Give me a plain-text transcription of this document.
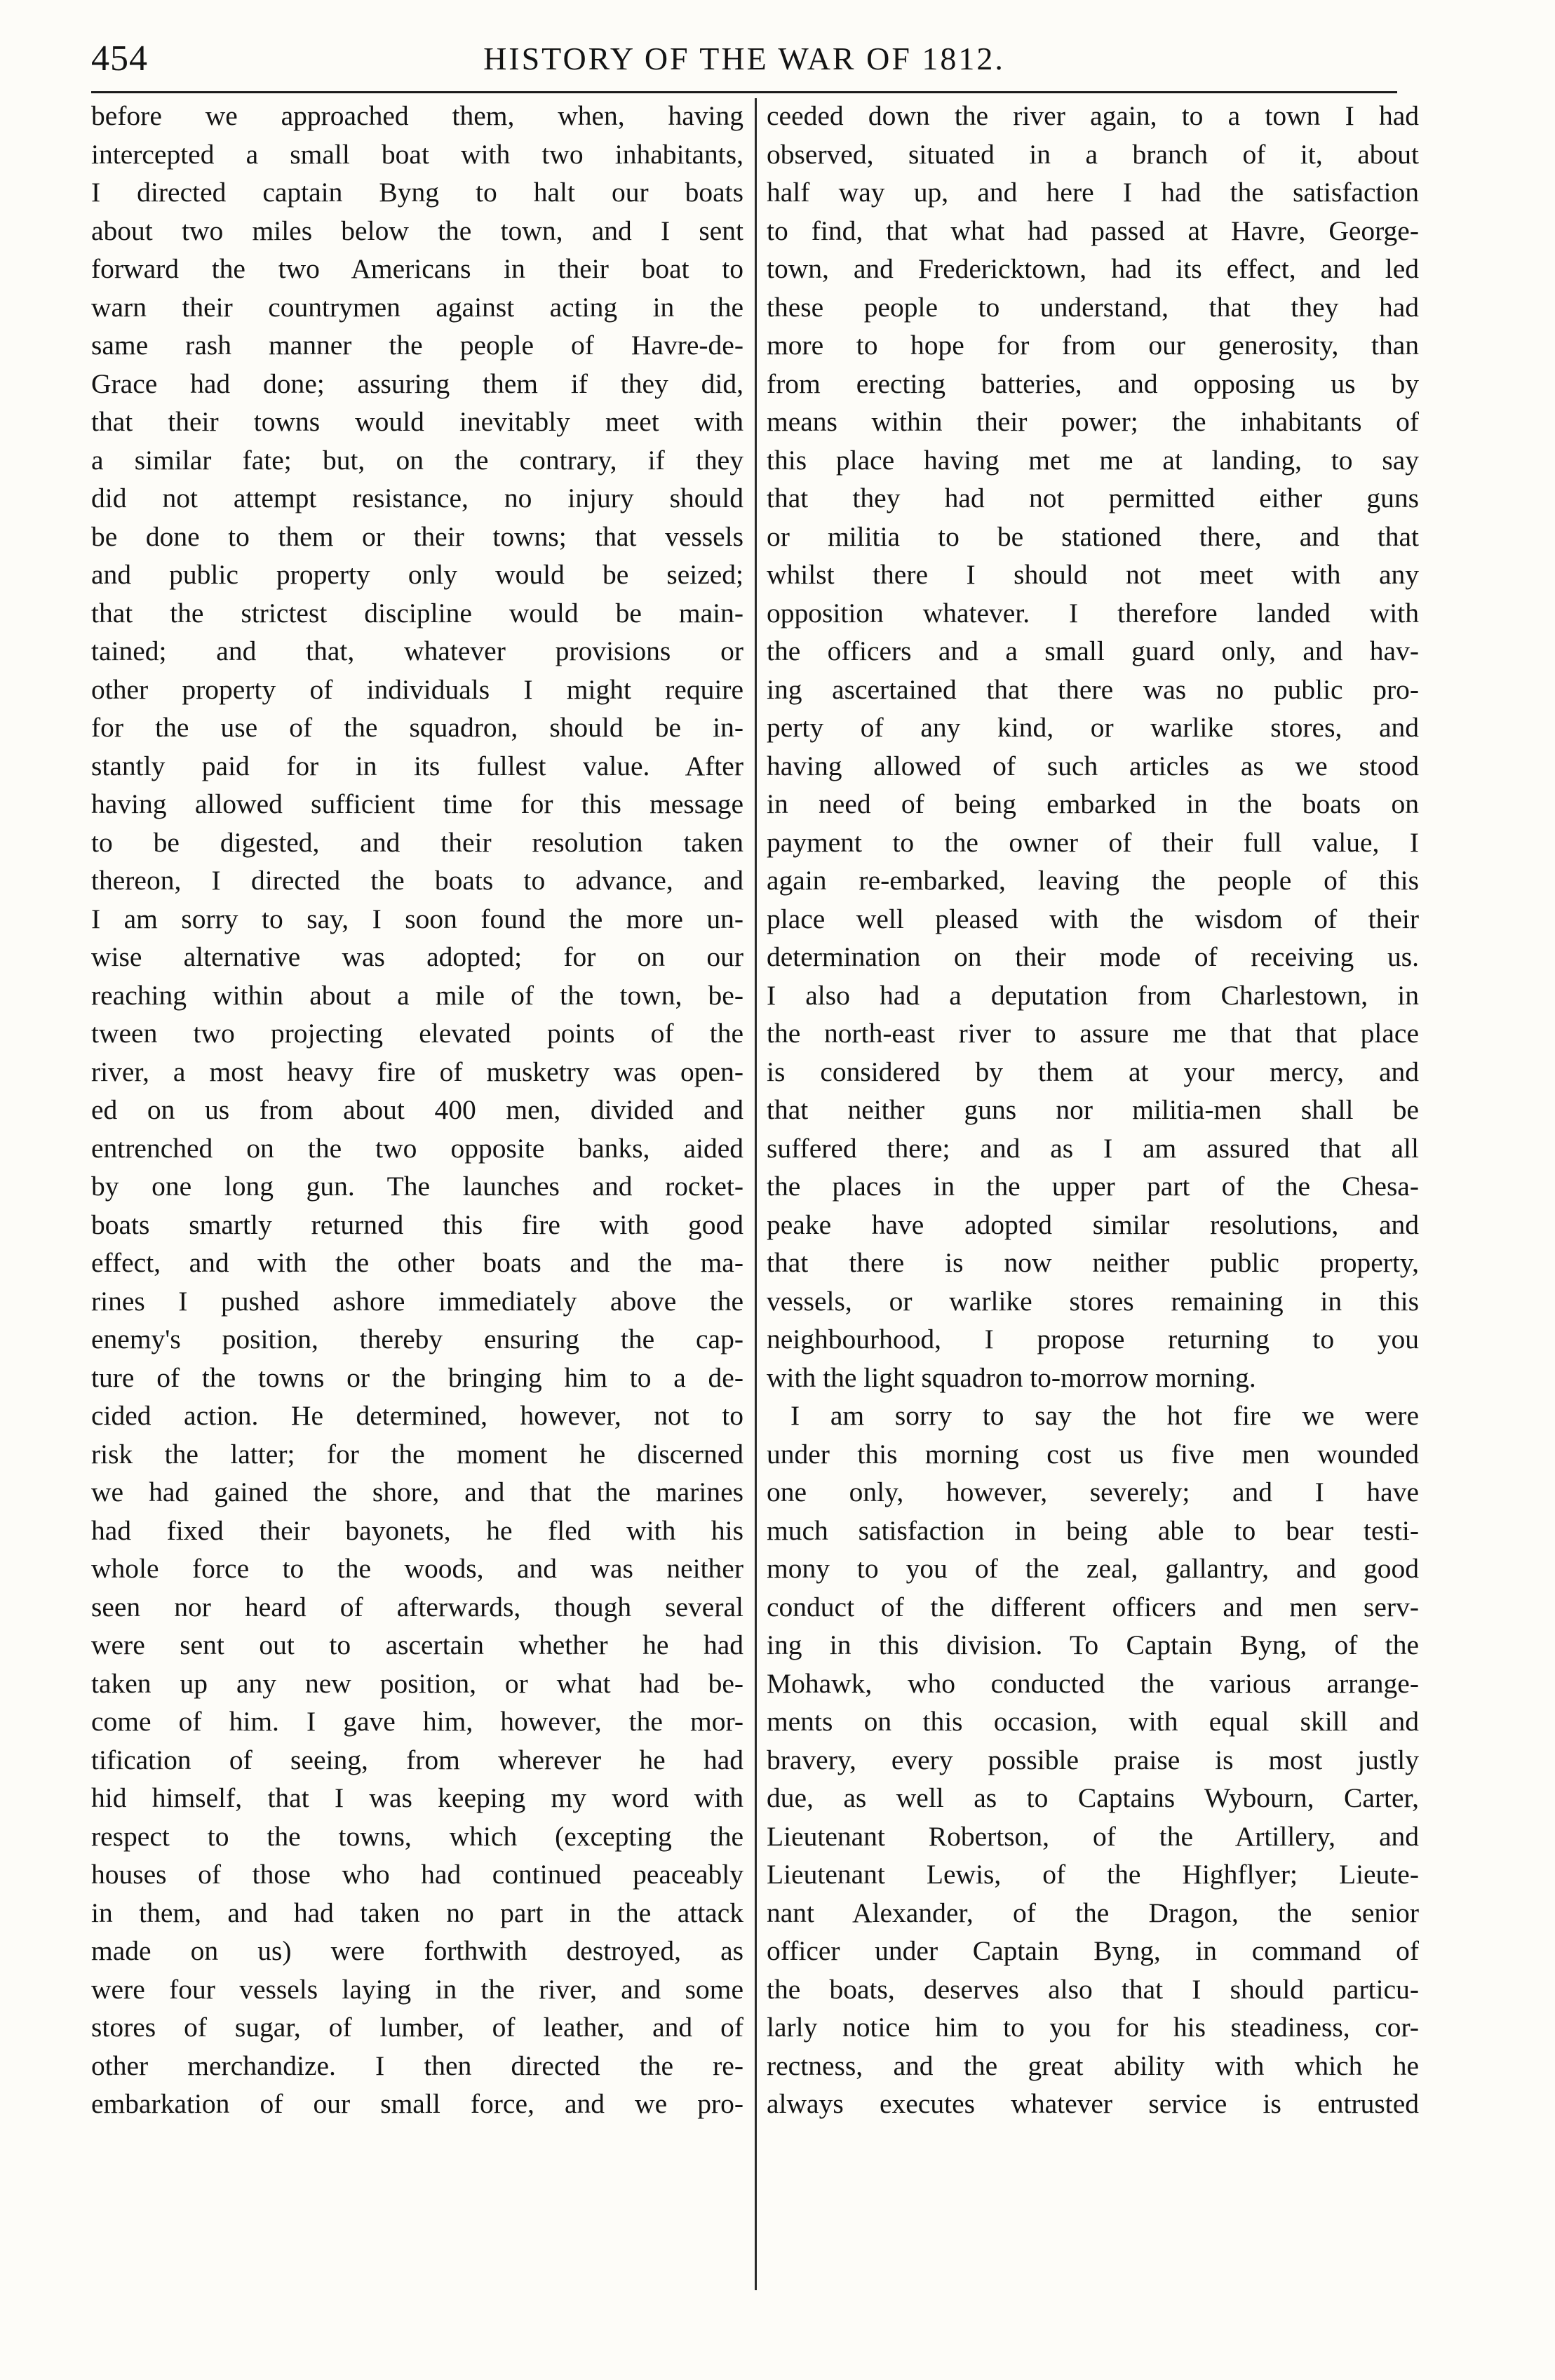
454	HISTORY OF THE WAR OF 1812.
before we approached them, when, having
intercepted a small boat with two inhabitants,
I directed captain Byng to halt our boats
about two miles below the town, and I sent
forward the two Americans in their boat to
warn their countrymen against acting in the
same rash manner the people of Havre-de-
Grace had done; assuring them if they did,
that their towns would inevitably meet with
a similar fate; but, on the contrary, if they
did not attempt resistance, no injury should
be done to them or their towns; that vessels
and public property only would be seized;
that the strictest discipline would be main-
tained; and that, whatever provisions or
other property of individuals I might require
for the use of the squadron, should be in-
stantly paid for in its fullest value. After
having allowed sufficient time for this message
to be digested, and their resolution taken
thereon, I directed the boats to advance, and
I am sorry to say, I soon found the more un-
wise alternative was adopted; for on our
reaching within about a mile of the town, be-
tween two projecting elevated points of the
river, a most heavy fire of musketry was open-
ed on us from about 400 men, divided and
entrenched on the two opposite banks, aided
by one long gun. The launches and rocket-
boats smartly returned this fire with good
effect, and with the other boats and the ma-
rines I pushed ashore immediately above the
enemy's position, thereby ensuring the cap-
ture of the towns or the bringing him to a de-
cided action. He determined, however, not to
risk the latter; for the moment he discerned
we had gained the shore, and that the marines
had fixed their bayonets, he fled with his
whole force to the woods, and was neither
seen nor heard of afterwards, though several
were sent out to ascertain whether he had
taken up any new position, or what had be-
come of him. I gave him, however, the mor-
tification of seeing, from wherever he had
hid himself, that I was keeping my word with
respect to the towns, which (excepting the
houses of those who had continued peaceably
in them, and had taken no part in the attack
made on us) were forthwith destroyed, as
were four vessels laying in the river, and some
stores of sugar, of lumber, of leather, and of
other merchandize. I then directed the re-
embarkation of our small force, and we pro-
ceeded down the river again, to a town I had
observed, situated in a branch of it, about
half way up, and here I had the satisfaction
to find, that what had passed at Havre, George-
town, and Fredericktown, had its effect, and led
these people to understand, that they had
more to hope for from our generosity, than
from erecting batteries, and opposing us by
means within their power; the inhabitants of
this place having met me at landing, to say
that they had not permitted either guns
or militia to be stationed there, and that
whilst there I should not meet with any
opposition whatever. I therefore landed with
the officers and a small guard only, and hav-
ing ascertained that there was no public pro-
perty of any kind, or warlike stores, and
having allowed of such articles as we stood
in need of being embarked in the boats on
payment to the owner of their full value, I
again re-embarked, leaving the people of this
place well pleased with the wisdom of their
determination on their mode of receiving us.
I also had a deputation from Charlestown, in
the north-east river to assure me that that place
is considered by them at your mercy, and
that neither guns nor militia-men shall be
suffered there; and as I am assured that all
the places in the upper part of the Chesa-
peake have adopted similar resolutions, and
that there is now neither public property,
vessels, or warlike stores remaining in this
neighbourhood, I propose returning to you
with the light squadron to-morrow morning.
I am sorry to say the hot fire we were
under this morning cost us five men wounded
one only, however, severely; and I have
much satisfaction in being able to bear testi-
mony to you of the zeal, gallantry, and good
conduct of the different officers and men serv-
ing in this division. To Captain Byng, of the
Mohawk, who conducted the various arrange-
ments on this occasion, with equal skill and
bravery, every possible praise is most justly
due, as well as to Captains Wybourn, Carter,
Lieutenant Robertson, of the Artillery, and
Lieutenant Lewis, of the Highflyer; Lieute-
nant Alexander, of the Dragon, the senior
officer under Captain Byng, in command of
the boats, deserves also that I should particu-
larly notice him to you for his steadiness, cor-
rectness, and the great ability with which he
always executes whatever service is entrusted
